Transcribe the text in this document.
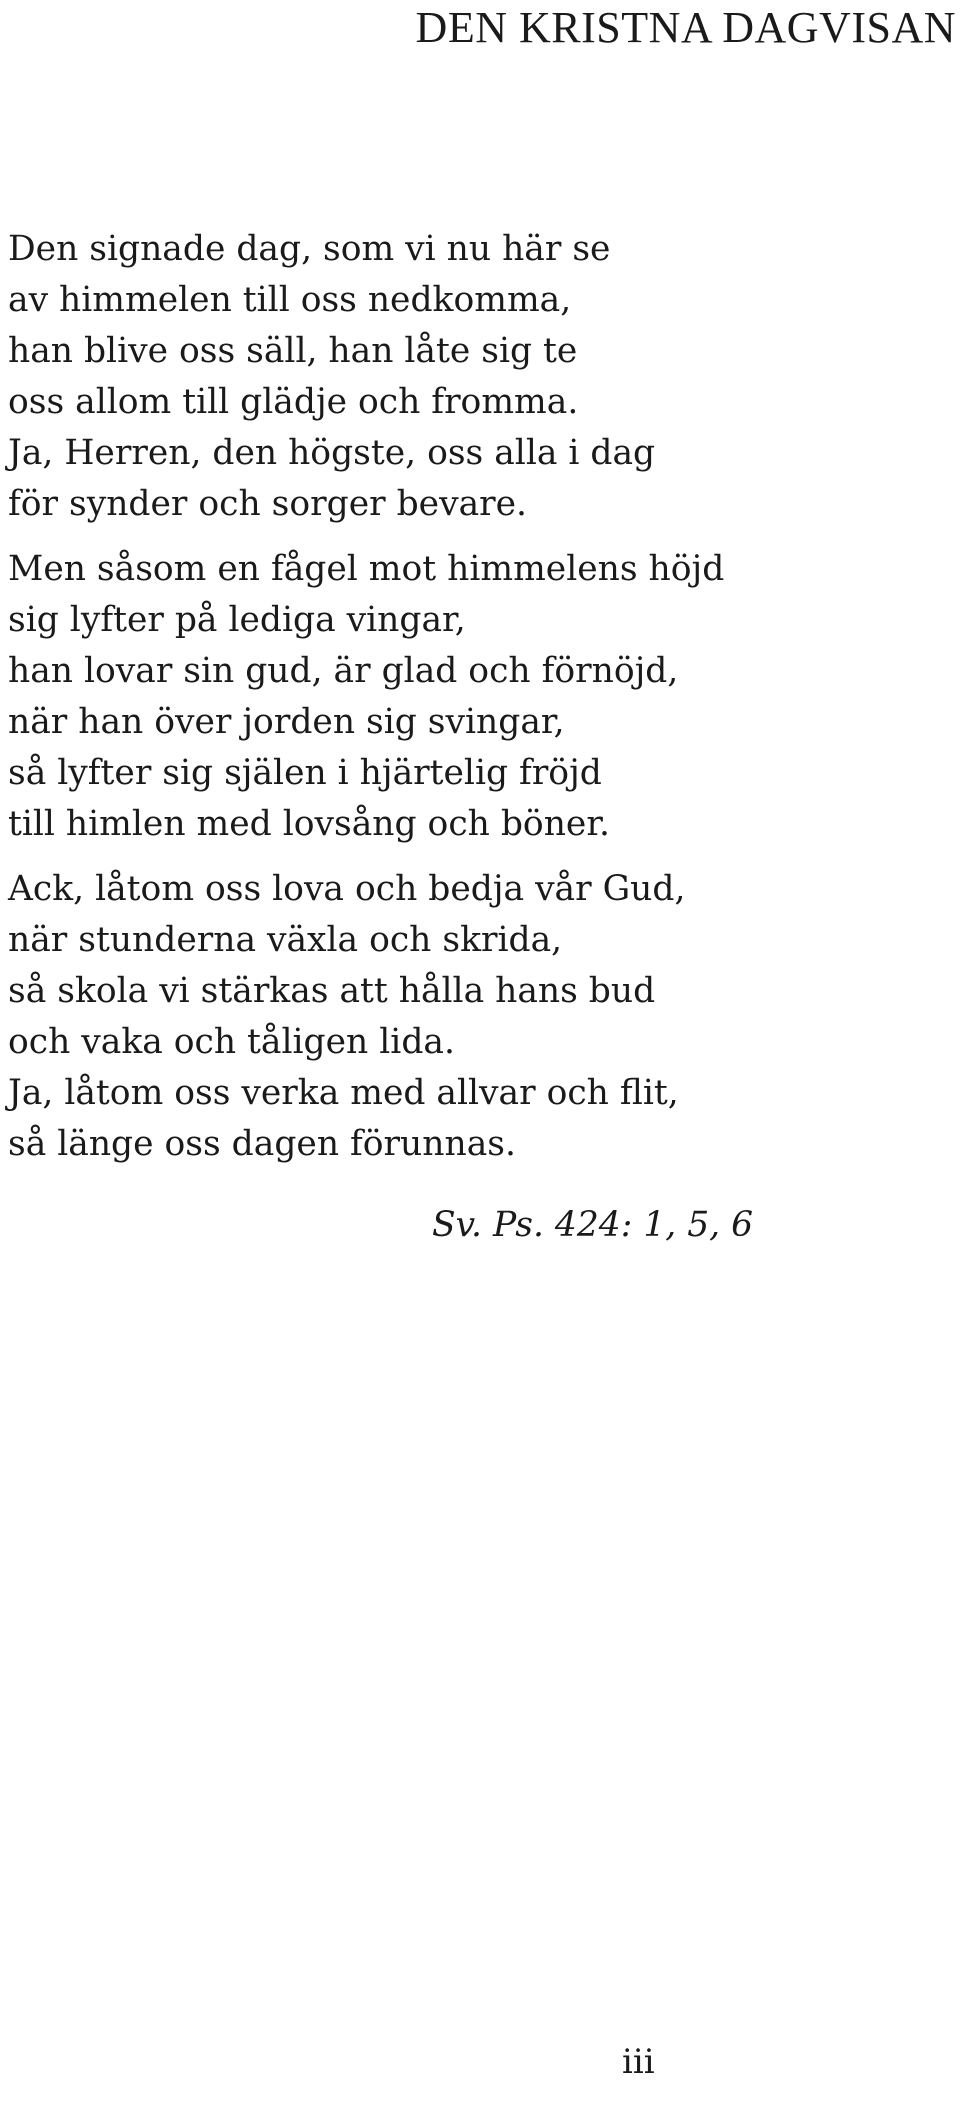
DEN KRISTNA DAGVISAN

Den signade dag, som vi nu här se
av himmelen till oss nedkomma,
han blive oss säll, han låte sig te
oss allom till glädje och fromma.
Ja, Herren, den högste, oss alla i dag
för synder och sorger bevare.

Men såsom en fågel mot himmelens höjd
sig lyfter på lediga vingar,
han lovar sin gud, är glad och förnöjd,
när han över jorden sig svingar,
så lyfter sig själen i hjärtelig fröjd
till himlen med lovsång och böner.

Ack, låtom oss lova och bedja vår Gud,
när stunderna växla och skrida,
så skola vi stärkas att hålla hans bud
och vaka och tåligen lida.
Ja, låtom oss verka med allvar och flit,
så länge oss dagen förunnas.

Sv. Ps. 424: 1, 5, 6

iii
